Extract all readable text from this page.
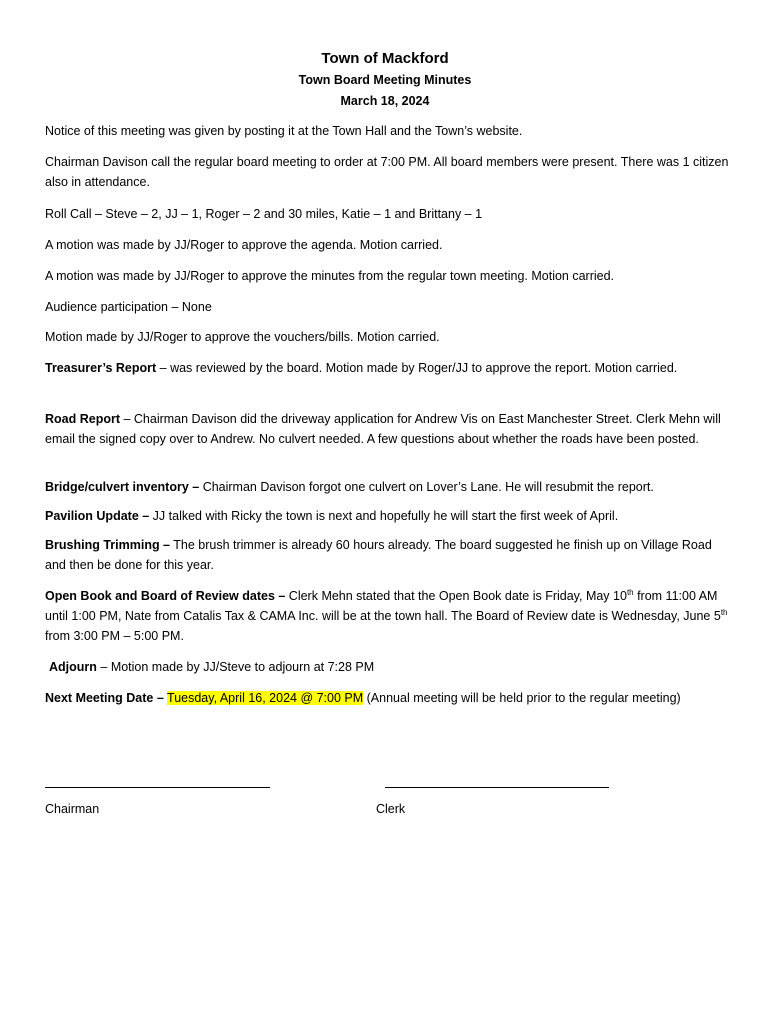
Town of Mackford
Town Board Meeting Minutes
March 18, 2024

Notice of this meeting was given by posting it at the Town Hall and the Town’s website.

Chairman Davison call the regular board meeting to order at 7:00 PM. All board members were present. There was 1 citizen also in attendance.

Roll Call – Steve – 2, JJ – 1, Roger – 2 and 30 miles, Katie – 1 and Brittany – 1

A motion was made by JJ/Roger to approve the agenda. Motion carried.

A motion was made by JJ/Roger to approve the minutes from the regular town meeting. Motion carried.

Audience participation – None

Motion made by JJ/Roger to approve the vouchers/bills. Motion carried.

Treasurer’s Report – was reviewed by the board. Motion made by Roger/JJ to approve the report. Motion carried.

Road Report – Chairman Davison did the driveway application for Andrew Vis on East Manchester Street. Clerk Mehn will email the signed copy over to Andrew. No culvert needed. A few questions about whether the roads have been posted.

Bridge/culvert inventory – Chairman Davison forgot one culvert on Lover’s Lane. He will resubmit the report.

Pavilion Update – JJ talked with Ricky the town is next and hopefully he will start the first week of April.

Brushing Trimming – The brush trimmer is already 60 hours already. The board suggested he finish up on Village Road and then be done for this year.

Open Book and Board of Review dates – Clerk Mehn stated that the Open Book date is Friday, May 10th from 11:00 AM until 1:00 PM, Nate from Catalis Tax & CAMA Inc. will be at the town hall. The Board of Review date is Wednesday, June 5th from 3:00 PM – 5:00 PM.

Adjourn – Motion made by JJ/Steve to adjourn at 7:28 PM

Next Meeting Date – Tuesday, April 16, 2024 @ 7:00 PM (Annual meeting will be held prior to the regular meeting)

Chairman	Clerk
